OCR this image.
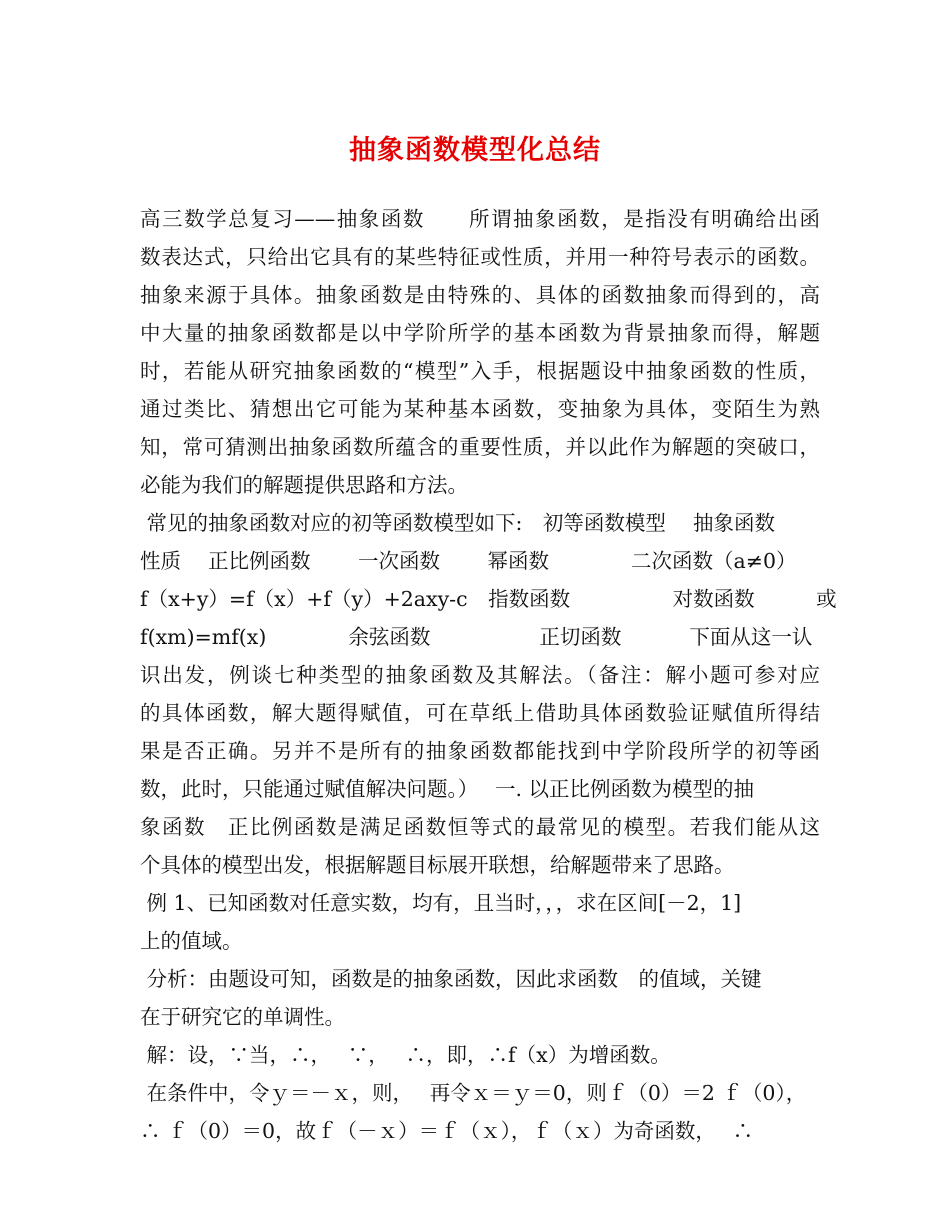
抽象函数模型化总结
高三数学总复习——抽象函数　　所谓抽象函数，是指没有明确给出函
数表达式，只给出它具有的某些特征或性质，并用一种符号表示的函数。
抽象来源于具体。抽象函数是由特殊的、具体的函数抽象而得到的，高
中大量的抽象函数都是以中学阶所学的基本函数为背景抽象而得，解题
时，若能从研究抽象函数的“模型”入手，根据题设中抽象函数的性质，
通过类比、猜想出它可能为某种基本函数，变抽象为具体，变陌生为熟
知，常可猜测出抽象函数所蕴含的重要性质，并以此作为解题的突破口，
必能为我们的解题提供思路和方法。
常见的抽象函数对应的初等函数模型如下:　初等函数模型　 抽象函数
性质　 正比例函数　　 一次函数　　 幂函数　　　　二次函数（a≠0）
f（x+y）=f（x）+f（y）+2axy-c　指数函数　　　　　对数函数　　　或
f(xm)=mf(x)　　　　余弦函数　　　　　 正切函数　　　 下面从这一认
识出发，例谈七种类型的抽象函数及其解法。（备注：解小题可参对应
的具体函数，解大题得赋值，可在草纸上借助具体函数验证赋值所得结
果是否正确。另并不是所有的抽象函数都能找到中学阶段所学的初等函
数，此时，只能通过赋值解决问题。）　 一. 以正比例函数为模型的抽
象函数　正比例函数是满足函数恒等式的最常见的模型。若我们能从这
个具体的模型出发，根据解题目标展开联想，给解题带来了思路。
例 1、已知函数对任意实数，均有，且当时，，，求在区间[－2，1]
上的值域。
分析：由题设可知，函数是的抽象函数，因此求函数　的值域，关键
在于研究它的单调性。
解：设，∵当，∴，　 ∵，　 ∴，即，∴f（x）为增函数。
在条件中，令ｙ＝－ｘ，则，　 再令ｘ＝ｙ＝0，则ｆ（0）＝2 ｆ（0），
∴ ｆ（0）＝0，故ｆ（－ｘ）＝ｆ（ｘ），ｆ（ｘ）为奇函数，　 ∴
